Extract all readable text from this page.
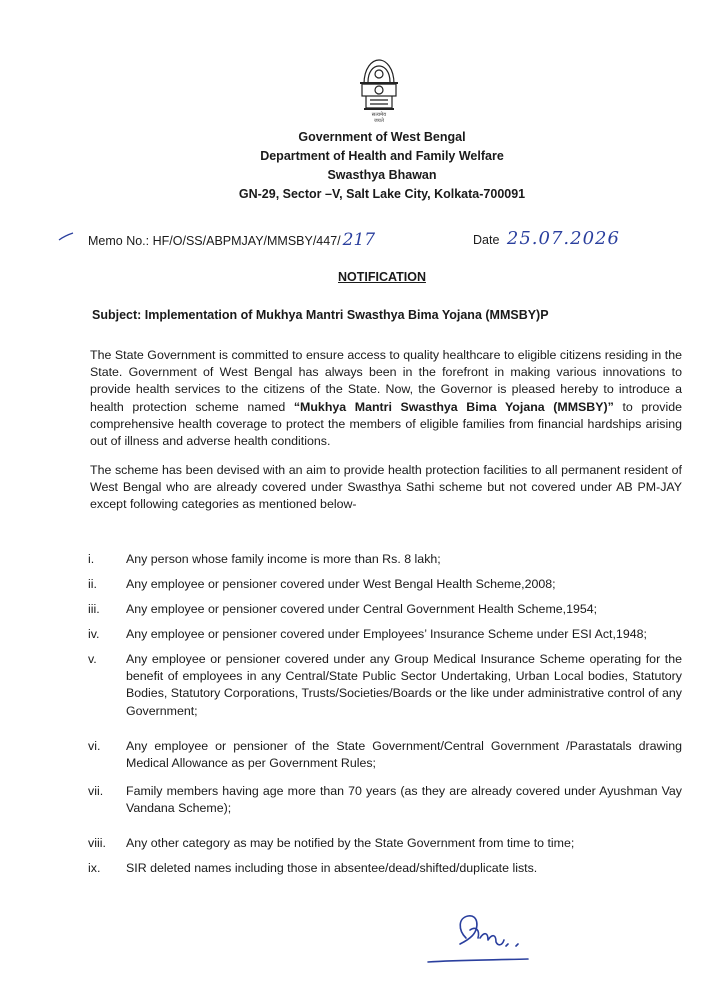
सत्यमेव जयते
Government of West Bengal
Department of Health and Family Welfare
Swasthya Bhawan
GN-29, Sector –V, Salt Lake City, Kolkata-700091
Memo No.: HF/O/SS/ABPMJAY/MMSBY/447/ 217	Date 25.07.2026
NOTIFICATION
Subject: Implementation of Mukhya Mantri Swasthya Bima Yojana (MMSBY)P
The State Government is committed to ensure access to quality healthcare to eligible citizens residing in the State. Government of West Bengal has always been in the forefront in making various innovations to provide health services to the citizens of the State. Now, the Governor is pleased hereby to introduce a health protection scheme named “Mukhya Mantri Swasthya Bima Yojana (MMSBY)” to provide comprehensive health coverage to protect the members of eligible families from financial hardships arising out of illness and adverse health conditions.
The scheme has been devised with an aim to provide health protection facilities to all permanent resident of West Bengal who are already covered under Swasthya Sathi scheme but not covered under AB PM-JAY except following categories as mentioned below-
i.	Any person whose family income is more than Rs. 8 lakh;
ii.	Any employee or pensioner covered under West Bengal Health Scheme,2008;
iii.	Any employee or pensioner covered under Central Government Health Scheme,1954;
iv.	Any employee or pensioner covered under Employees’ Insurance Scheme under ESI Act,1948;
v.	Any employee or pensioner covered under any Group Medical Insurance Scheme operating for the benefit of employees in any Central/State Public Sector Undertaking, Urban Local bodies, Statutory Bodies, Statutory Corporations, Trusts/Societies/Boards or the like under administrative control of any Government;
vi.	Any employee or pensioner of the State Government/Central Government /Parastatals drawing Medical Allowance as per Government Rules;
vii.	Family members having age more than 70 years (as they are already covered under Ayushman Vay Vandana Scheme);
viii.	Any other category as may be notified by the State Government from time to time;
ix.	SIR deleted names including those in absentee/dead/shifted/duplicate lists.
